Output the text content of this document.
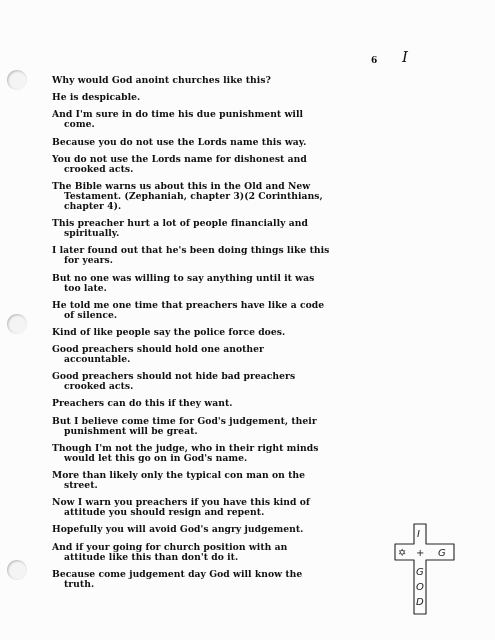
6 I

Why would God anoint churches like this?

He is despicable.

And I'm sure in do time his due punishment will
come.

Because you do not use the Lords name this way.

You do not use the Lords name for dishonest and
crooked acts.

The Bible warns us about this in the Old and New
Testament. (Zephaniah, chapter 3)(2 Corinthians,
chapter 4).

This preacher hurt a lot of people financially and
spiritually.

I later found out that he's been doing things like this
for years.

But no one was willing to say anything until it was
too late.

He told me one time that preachers have like a code
of silence.

Kind of like people say the police force does.

Good preachers should hold one another
accountable.

Good preachers should not hide bad preachers
crooked acts.

Preachers can do this if they want.

But I believe come time for God's judgement, their
punishment will be great.

Though I'm not the judge, who in their right minds
would let this go on in God's name.

More than likely only the typical con man on the
street.

Now I warn you preachers if you have this kind of
attitude you should resign and repent.

Hopefully you will avoid God's angry judgement.

And if your going for church position with an
attitude like this than don't do it.

Because come judgement day God will know the
truth.

I
✡ + G
G
O
D
